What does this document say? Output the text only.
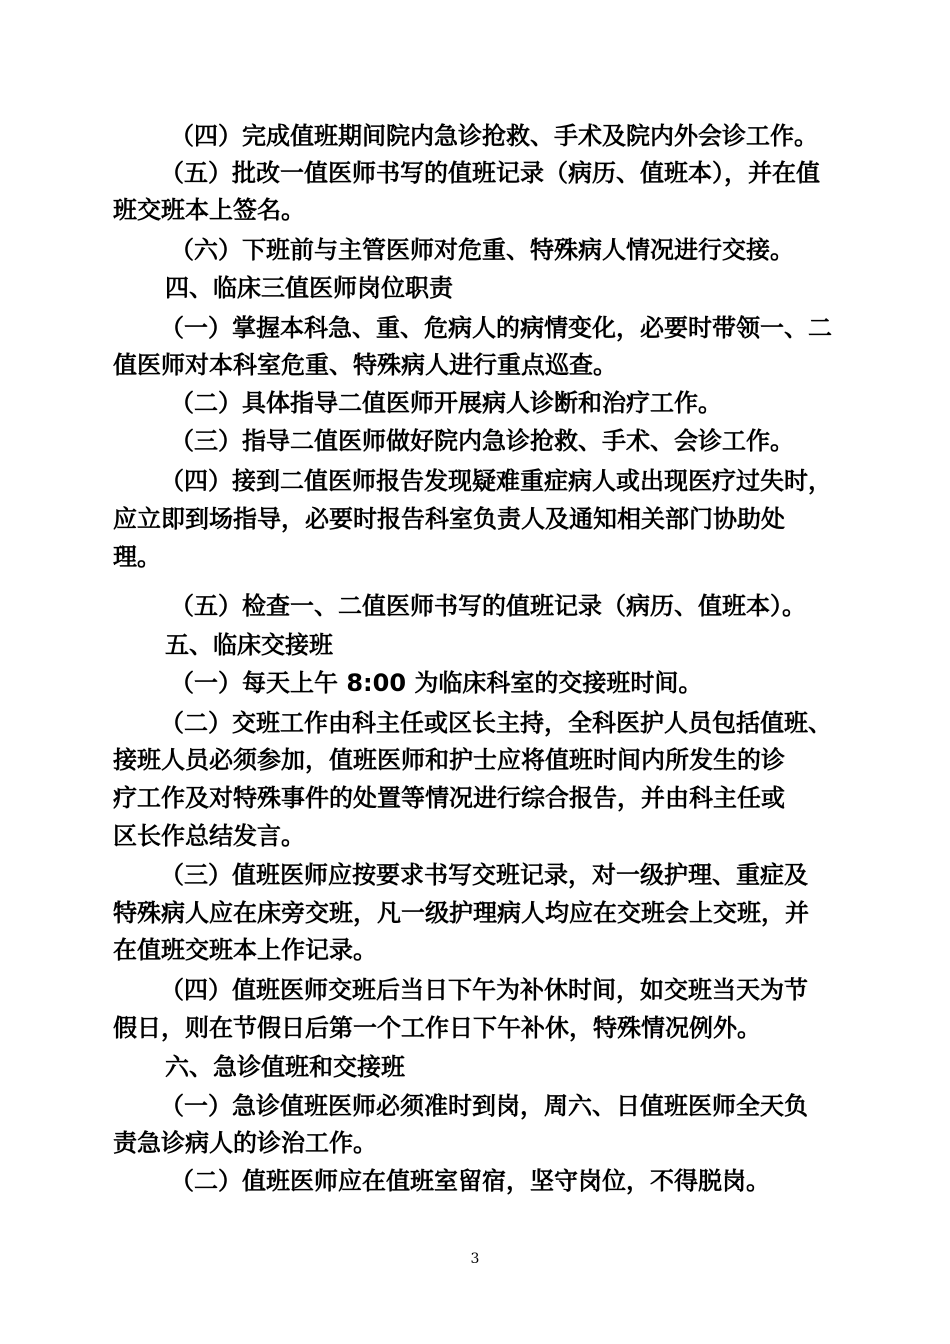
（四）完成值班期间院内急诊抢救、手术及院内外会诊工作。
（五）批改一值医师书写的值班记录（病历、值班本），并在值
班交班本上签名。
（六）下班前与主管医师对危重、特殊病人情况进行交接。
四、临床三值医师岗位职责
（一）掌握本科急、重、危病人的病情变化，必要时带领一、二
值医师对本科室危重、特殊病人进行重点巡查。
（二）具体指导二值医师开展病人诊断和治疗工作。
（三）指导二值医师做好院内急诊抢救、手术、会诊工作。
（四）接到二值医师报告发现疑难重症病人或出现医疗过失时，
应立即到场指导，必要时报告科室负责人及通知相关部门协助处
理。
（五）检查一、二值医师书写的值班记录（病历、值班本）。
五、临床交接班
（一）每天上午 8:00 为临床科室的交接班时间。
（二）交班工作由科主任或区长主持，全科医护人员包括值班、
接班人员必须参加，值班医师和护士应将值班时间内所发生的诊
疗工作及对特殊事件的处置等情况进行综合报告，并由科主任或
区长作总结发言。
（三）值班医师应按要求书写交班记录，对一级护理、重症及
特殊病人应在床旁交班，凡一级护理病人均应在交班会上交班，并
在值班交班本上作记录。
（四）值班医师交班后当日下午为补休时间，如交班当天为节
假日，则在节假日后第一个工作日下午补休，特殊情况例外。
六、急诊值班和交接班
（一）急诊值班医师必须准时到岗，周六、日值班医师全天负
责急诊病人的诊治工作。
（二）值班医师应在值班室留宿，坚守岗位，不得脱岗。
3
